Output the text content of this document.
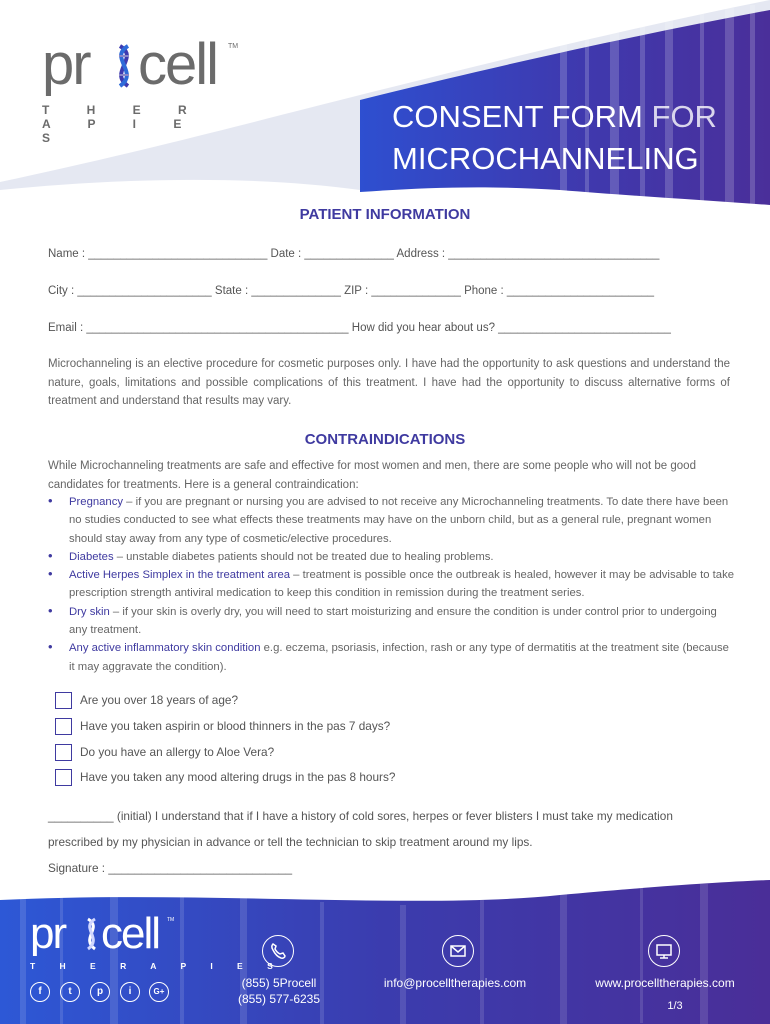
pr cell TM
T H E R A P I E S
CONSENT FORM FOR
MICROCHANNELING
PATIENT INFORMATION
Name : ____________________________ Date : ______________ Address : _________________________________
City : _____________________ State : ______________ ZIP : ______________ Phone : _______________________
Email : _________________________________________ How did you hear about us? ___________________________
Microchanneling is an elective procedure for cosmetic purposes only. I have had the opportunity to ask questions and understand the nature, goals, limitations and possible complications of this treatment. I have had the opportunity to discuss alternative forms of treatment and understand that results may vary.
CONTRAINDICATIONS
While Microchanneling treatments are safe and effective for most women and men, there are some people who will not be good candidates for treatments. Here is a general contraindication:
• Pregnancy – if you are pregnant or nursing you are advised to not receive any Microchanneling treatments. To date there have been no studies conducted to see what effects these treatments may have on the unborn child, but as a general rule, pregnant women should stay away from any type of cosmetic/elective procedures.
• Diabetes – unstable diabetes patients should not be treated due to healing problems.
• Active Herpes Simplex in the treatment area – treatment is possible once the outbreak is healed, however it may be advisable to take prescription strength antiviral medication to keep this condition in remission during the treatment series.
• Dry skin – if your skin is overly dry, you will need to start moisturizing and ensure the condition is under control prior to undergoing any treatment.
• Any active inflammatory skin condition e.g. eczema, psoriasis, infection, rash or any type of dermatitis at the treatment site (because it may aggravate the condition).
Are you over 18 years of age?
Have you taken aspirin or blood thinners in the pas 7 days?
Do you have an allergy to Aloe Vera?
Have you taken any mood altering drugs in the pas 8 hours?
__________ (initial) I understand that if I have a history of cold sores, herpes or fever blisters I must take my medication
prescribed by my physician in advance or tell the technician to skip treatment around my lips.
Signature : ____________________________
pr cell TM
T H E R A P I E S
f	t	p	i	G+
(855) 5Procell
(855) 577-6235
info@procelltherapies.com	www.procelltherapies.com
1/3
